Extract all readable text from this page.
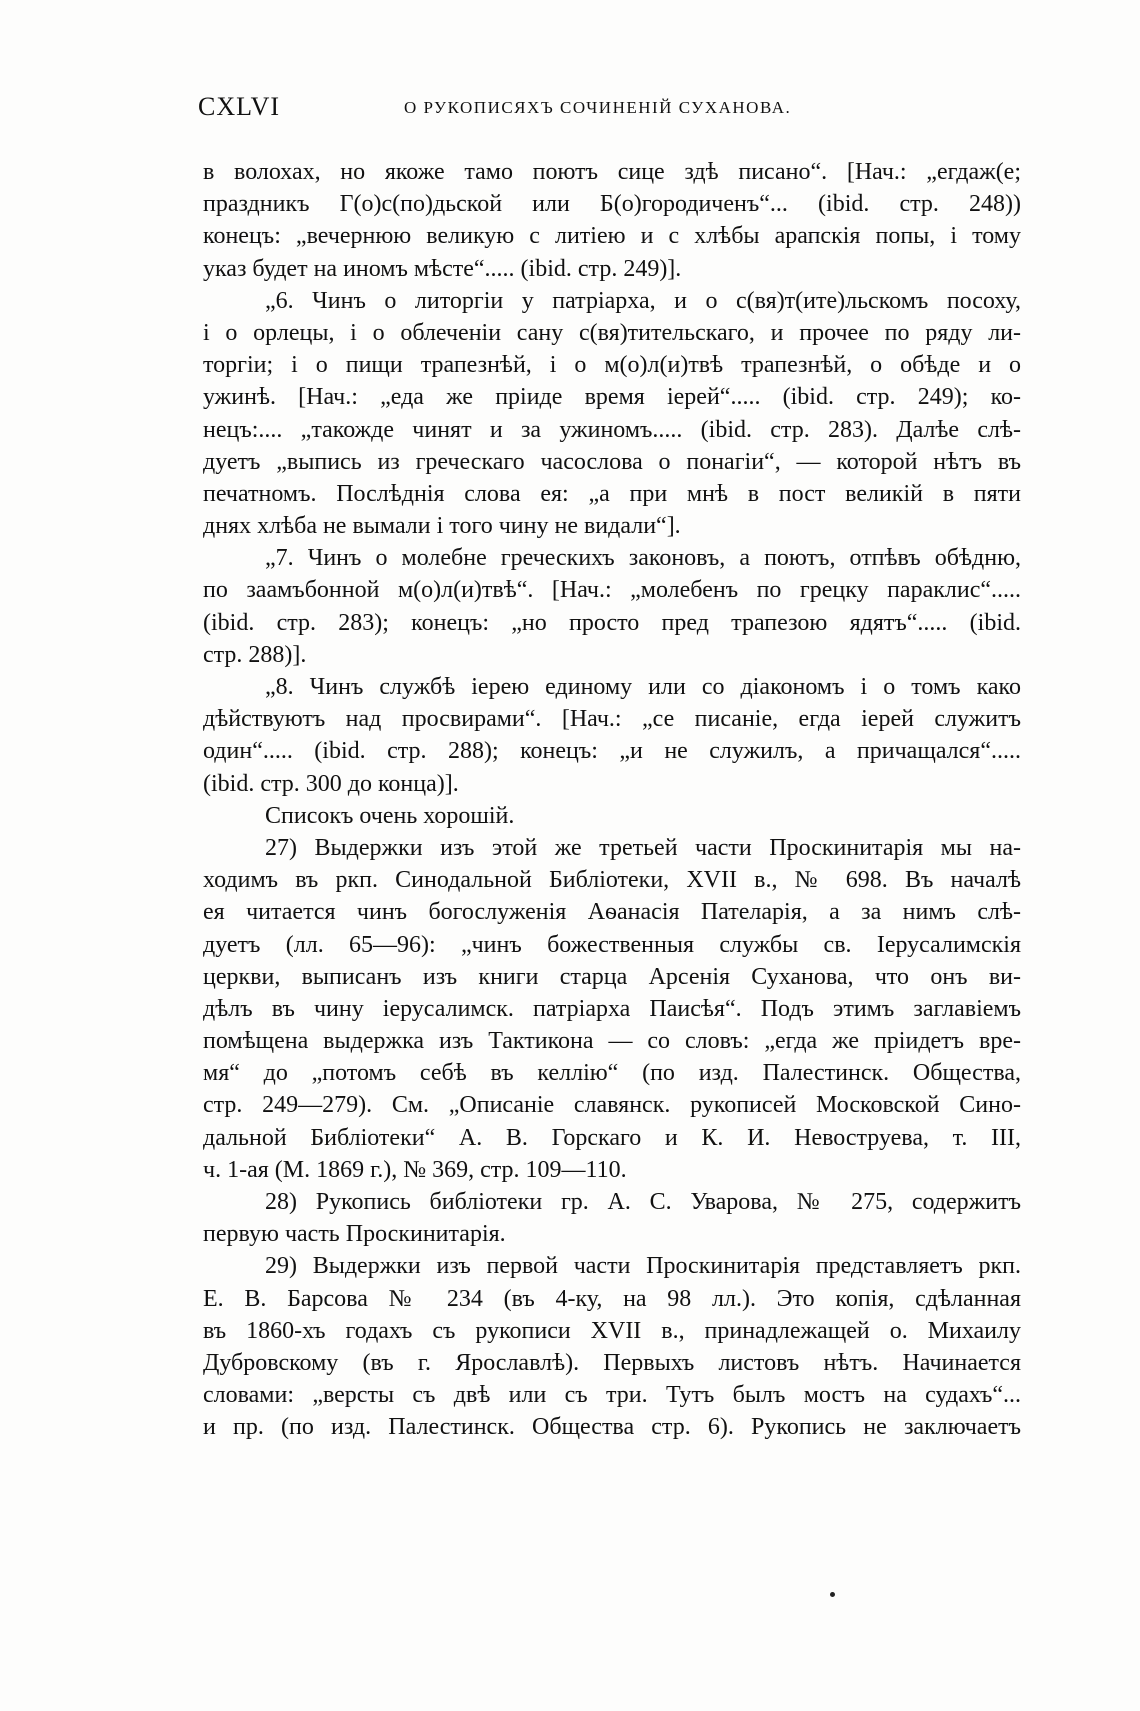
CXLVI	О РУКОПИСЯХЪ СОЧИНЕНІЙ СУХАНОВА.
в волохах, но якоже тамо поютъ сице здѣ писано“. [Нач.: „егдаж(е;
праздникъ Г(о)с(по)дьской или Б(о)городиченъ“... (ibid. стр. 248))
конецъ: „вечернюю великую с литіею и с хлѣбы арапскія попы, і тому
указ будет на иномъ мѣсте“..... (ibid. стр. 249)].
„6. Чинъ о литоргіи у патріарха, и о с(вя)т(ите)льскомъ посоху,
і о орлецы, і о облеченіи сану с(вя)тительскаго, и прочее по ряду ли-
торгіи; і о пищи трапезнѣй, і о м(о)л(и)твѣ трапезнѣй, о обѣде и о
ужинѣ. [Нач.: „еда же пріиде время іерей“..... (ibid. стр. 249); ко-
нецъ:.... „такожде чинят и за ужиномъ..... (ibid. стр. 283). Далѣе слѣ-
дуетъ „выпись из греческаго часослова о понагіи“, — которой нѣтъ въ
печатномъ. Послѣднія слова ея: „а при мнѣ в пост великій в пяти
днях хлѣба не вымали і того чину не видали“].
„7. Чинъ о молебне греческихъ законовъ, а поютъ, отпѣвъ обѣдню,
по заамъбонной м(о)л(и)твѣ“. [Нач.: „молебенъ по грецку параклис“.....
(ibid. стр. 283); конецъ: „но просто пред трапезою ядятъ“..... (ibid.
стр. 288)].
„8. Чинъ службѣ іерею единому или со діакономъ і о томъ како
дѣйствуютъ над просвирами“. [Нач.: „се писаніе, егда іерей служитъ
один“..... (ibid. стр. 288); конецъ: „и не служилъ, а причащался“.....
(ibid. стр. 300 до конца)].
Списокъ очень хорошій.
27) Выдержки изъ этой же третьей части Проскинитарія мы на-
ходимъ въ ркп. Синодальной Библіотеки, XVII в., № 698. Въ началѣ
ея читается чинъ богослуженія Аѳанасія Пателарія, а за нимъ слѣ-
дуетъ (лл. 65—96): „чинъ божественныя службы св. Іерусалимскія
церкви, выписанъ изъ книги старца Арсенія Суханова, что онъ ви-
дѣлъ въ чину іерусалимск. патріарха Паисѣя“. Подъ этимъ заглавіемъ
помѣщена выдержка изъ Тактикона — со словъ: „егда же пріидетъ вре-
мя“ до „потомъ себѣ въ келлію“ (по изд. Палестинск. Общества,
стр. 249—279). См. „Описаніе славянск. рукописей Московской Сино-
дальной Библіотеки“ А. В. Горскаго и К. И. Невоструева, т. III,
ч. 1-ая (М. 1869 г.), № 369, стр. 109—110.
28) Рукопись библіотеки гр. А. С. Уварова, № 275, содержитъ
первую часть Проскинитарія.
29) Выдержки изъ первой части Проскинитарія представляетъ ркп.
Е. В. Барсова № 234 (въ 4-ку, на 98 лл.). Это копія, сдѣланная
въ 1860-хъ годахъ съ рукописи XVII в., принадлежащей о. Михаилу
Дубровскому (въ г. Ярославлѣ). Первыхъ листовъ нѣтъ. Начинается
словами: „версты съ двѣ или съ три. Тутъ былъ мостъ на судахъ“...
и пр. (по изд. Палестинск. Общества стр. 6). Рукопись не заключаетъ
